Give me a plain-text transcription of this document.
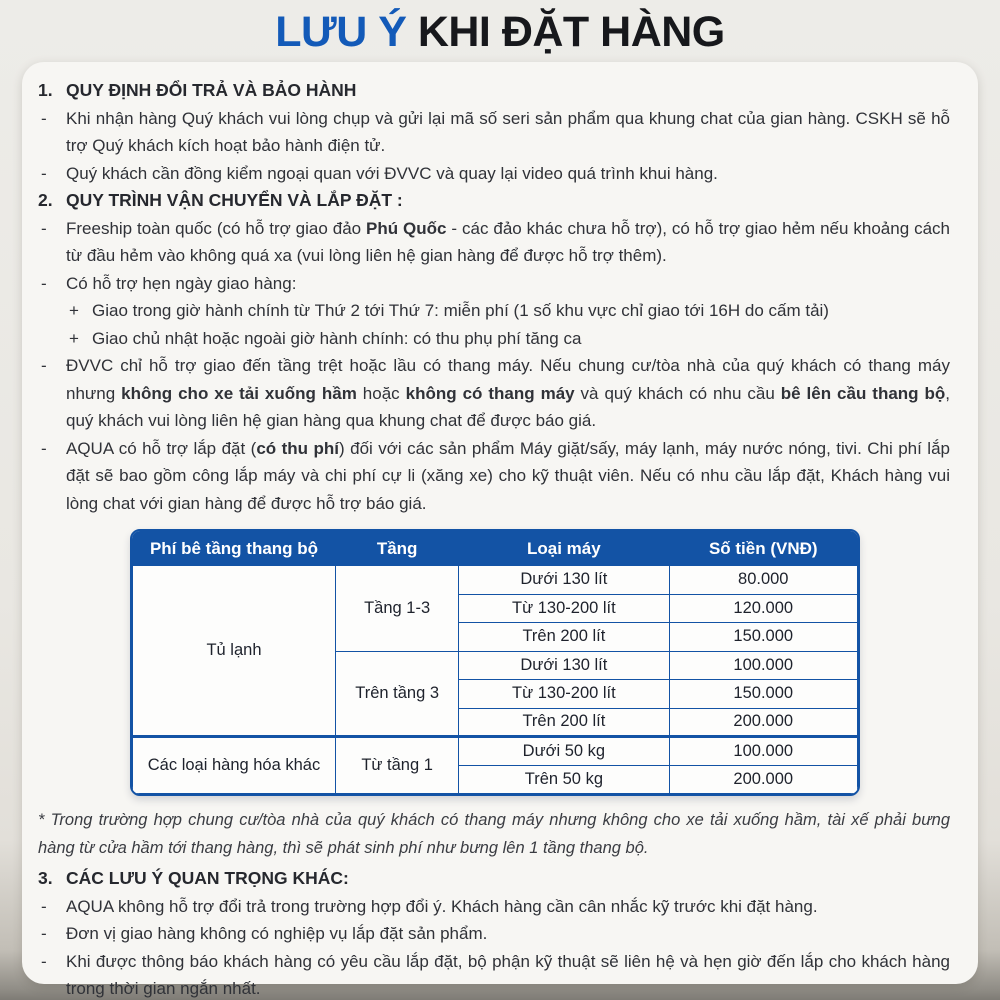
LƯU Ý KHI ĐẶT HÀNG
1. QUY ĐỊNH ĐỔI TRẢ VÀ BẢO HÀNH
-	Khi nhận hàng Quý khách vui lòng chụp và gửi lại mã số seri sản phẩm qua khung chat của gian hàng. CSKH sẽ hỗ trợ Quý khách kích hoạt bảo hành điện tử.
-	Quý khách cần đồng kiểm ngoại quan với ĐVVC và quay lại video quá trình khui hàng.
2. QUY TRÌNH VẬN CHUYỂN VÀ LẮP ĐẶT :
-	Freeship toàn quốc (có hỗ trợ giao đảo Phú Quốc - các đảo khác chưa hỗ trợ), có hỗ trợ giao hẻm nếu khoảng cách từ đầu hẻm vào không quá xa (vui lòng liên hệ gian hàng để được hỗ trợ thêm).
-	Có hỗ trợ hẹn ngày giao hàng:
+ Giao trong giờ hành chính từ Thứ 2 tới Thứ 7: miễn phí (1 số khu vực chỉ giao tới 16H do cấm tải)
+ Giao chủ nhật hoặc ngoài giờ hành chính: có thu phụ phí tăng ca
-	ĐVVC chỉ hỗ trợ giao đến tầng trệt hoặc lầu có thang máy. Nếu chung cư/tòa nhà của quý khách có thang máy nhưng không cho xe tải xuống hầm hoặc không có thang máy và quý khách có nhu cầu bê lên cầu thang bộ, quý khách vui lòng liên hệ gian hàng qua khung chat để được báo giá.
-	AQUA có hỗ trợ lắp đặt (có thu phí) đối với các sản phẩm Máy giặt/sấy, máy lạnh, máy nước nóng, tivi. Chi phí lắp đặt sẽ bao gồm công lắp máy và chi phí cự li (xăng xe) cho kỹ thuật viên. Nếu có nhu cầu lắp đặt, Khách hàng vui lòng chat với gian hàng để được hỗ trợ báo giá.
Phí bê tầng thang bộ	Tầng	Loại máy	Số tiền (VNĐ)
Tủ lạnh	Tầng 1-3	Dưới 130 lít	80.000
		Từ 130-200 lít	120.000
		Trên 200 lít	150.000
	Trên tầng 3	Dưới 130 lít	100.000
		Từ 130-200 lít	150.000
		Trên 200 lít	200.000
Các loại hàng hóa khác	Từ tầng 1	Dưới 50 kg	100.000
		Trên 50 kg	200.000
* Trong trường hợp chung cư/tòa nhà của quý khách có thang máy nhưng không cho xe tải xuống hầm, tài xế phải bưng hàng từ cửa hầm tới thang hàng, thì sẽ phát sinh phí như bưng lên 1 tầng thang bộ.
3. CÁC LƯU Ý QUAN TRỌNG KHÁC:
-	AQUA không hỗ trợ đổi trả trong trường hợp đổi ý. Khách hàng cần cân nhắc kỹ trước khi đặt hàng.
-	Đơn vị giao hàng không có nghiệp vụ lắp đặt sản phẩm.
-	Khi được thông báo khách hàng có yêu cầu lắp đặt, bộ phận kỹ thuật sẽ liên hệ và hẹn giờ đến lắp cho khách hàng trong thời gian ngắn nhất.
